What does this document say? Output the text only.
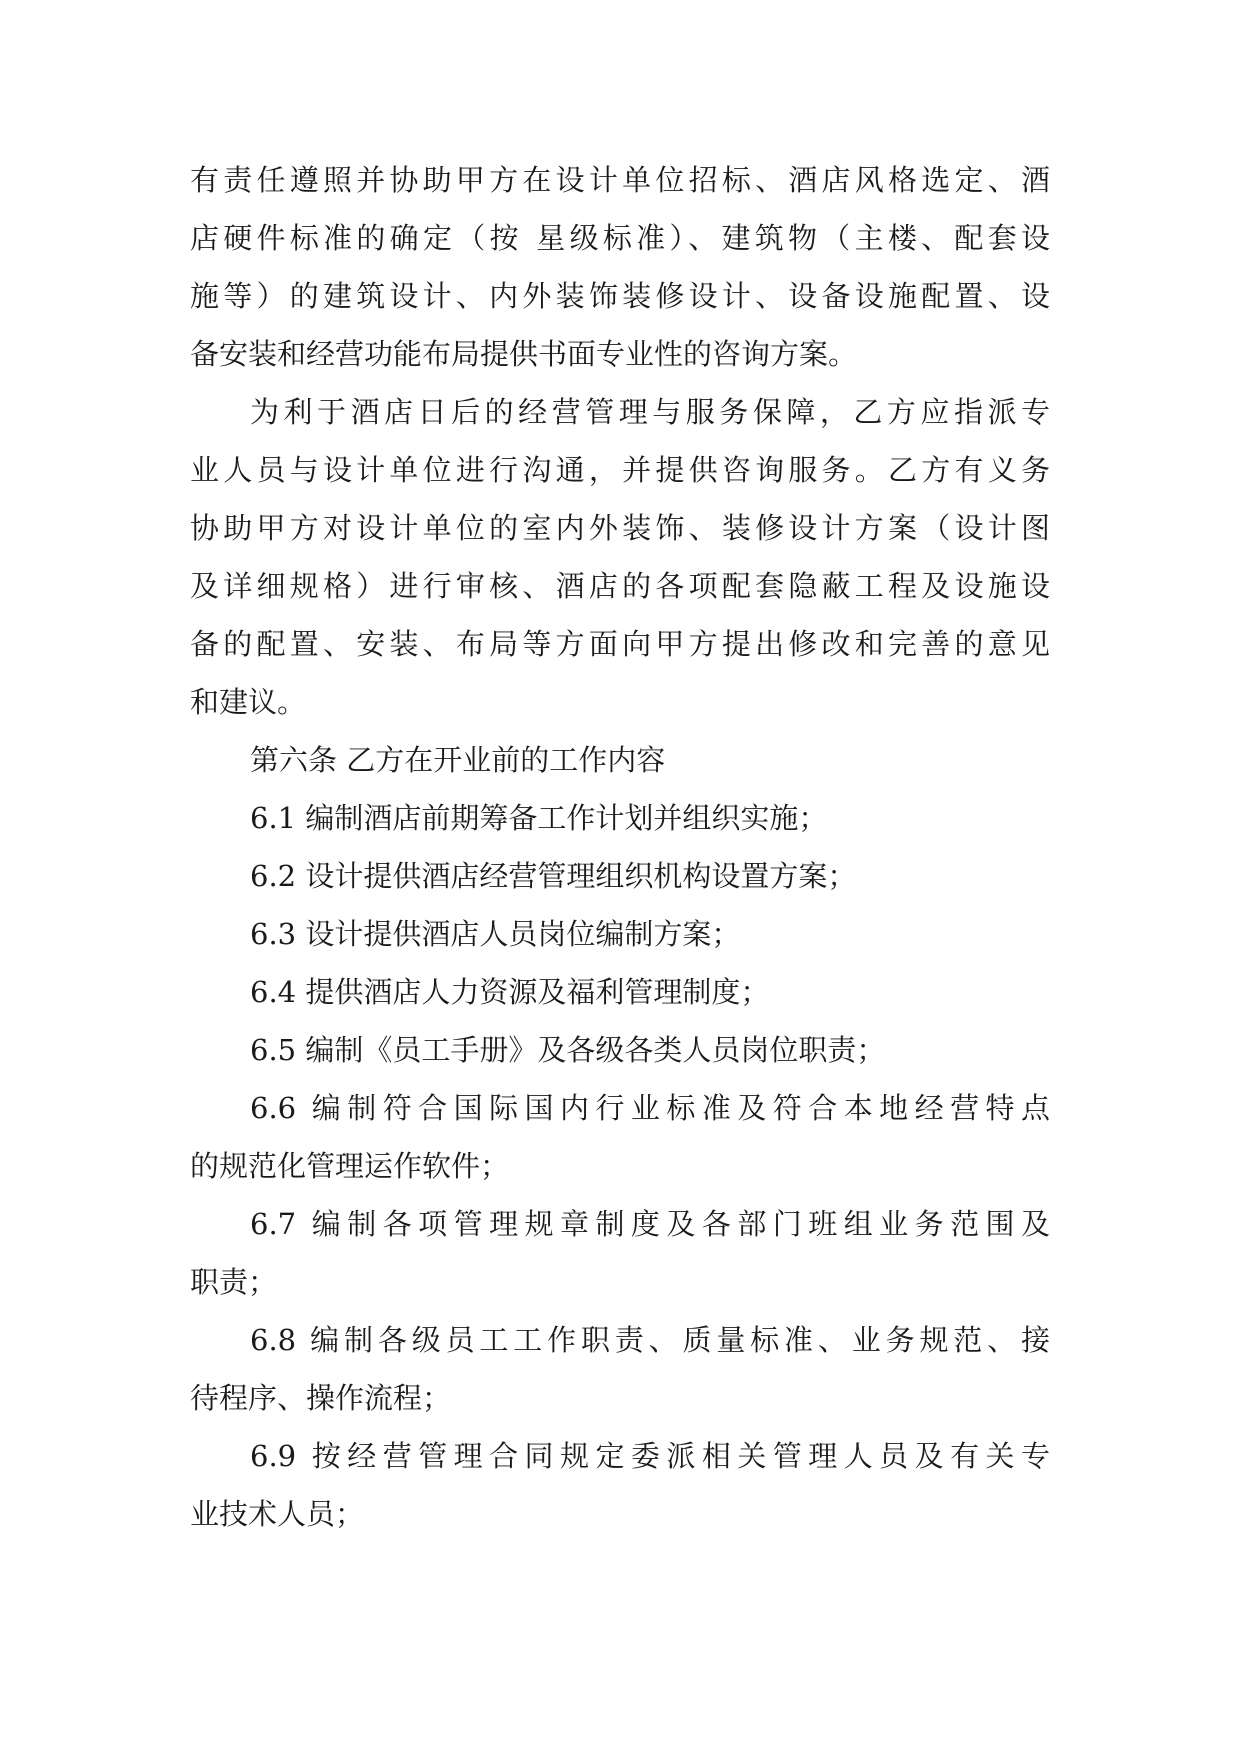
有责任遵照并协助甲方在设计单位招标、酒店风格选定、酒
店硬件标准的确定（按 星级标准）、建筑物（主楼、配套设
施等）的建筑设计、内外装饰装修设计、设备设施配置、设
备安装和经营功能布局提供书面专业性的咨询方案。
为利于酒店日后的经营管理与服务保障，乙方应指派专
业人员与设计单位进行沟通，并提供咨询服务。乙方有义务
协助甲方对设计单位的室内外装饰、装修设计方案（设计图
及详细规格）进行审核、酒店的各项配套隐蔽工程及设施设
备的配置、安装、布局等方面向甲方提出修改和完善的意见
和建议。
第六条 乙方在开业前的工作内容
6.1 编制酒店前期筹备工作计划并组织实施；
6.2 设计提供酒店经营管理组织机构设置方案；
6.3 设计提供酒店人员岗位编制方案；
6.4 提供酒店人力资源及福利管理制度；
6.5 编制《员工手册》及各级各类人员岗位职责；
6.6 编制符合国际国内行业标准及符合本地经营特点
的规范化管理运作软件；
6.7 编制各项管理规章制度及各部门班组业务范围及
职责；
6.8 编制各级员工工作职责、质量标准、业务规范、接
待程序、操作流程；
6.9 按经营管理合同规定委派相关管理人员及有关专
业技术人员；
